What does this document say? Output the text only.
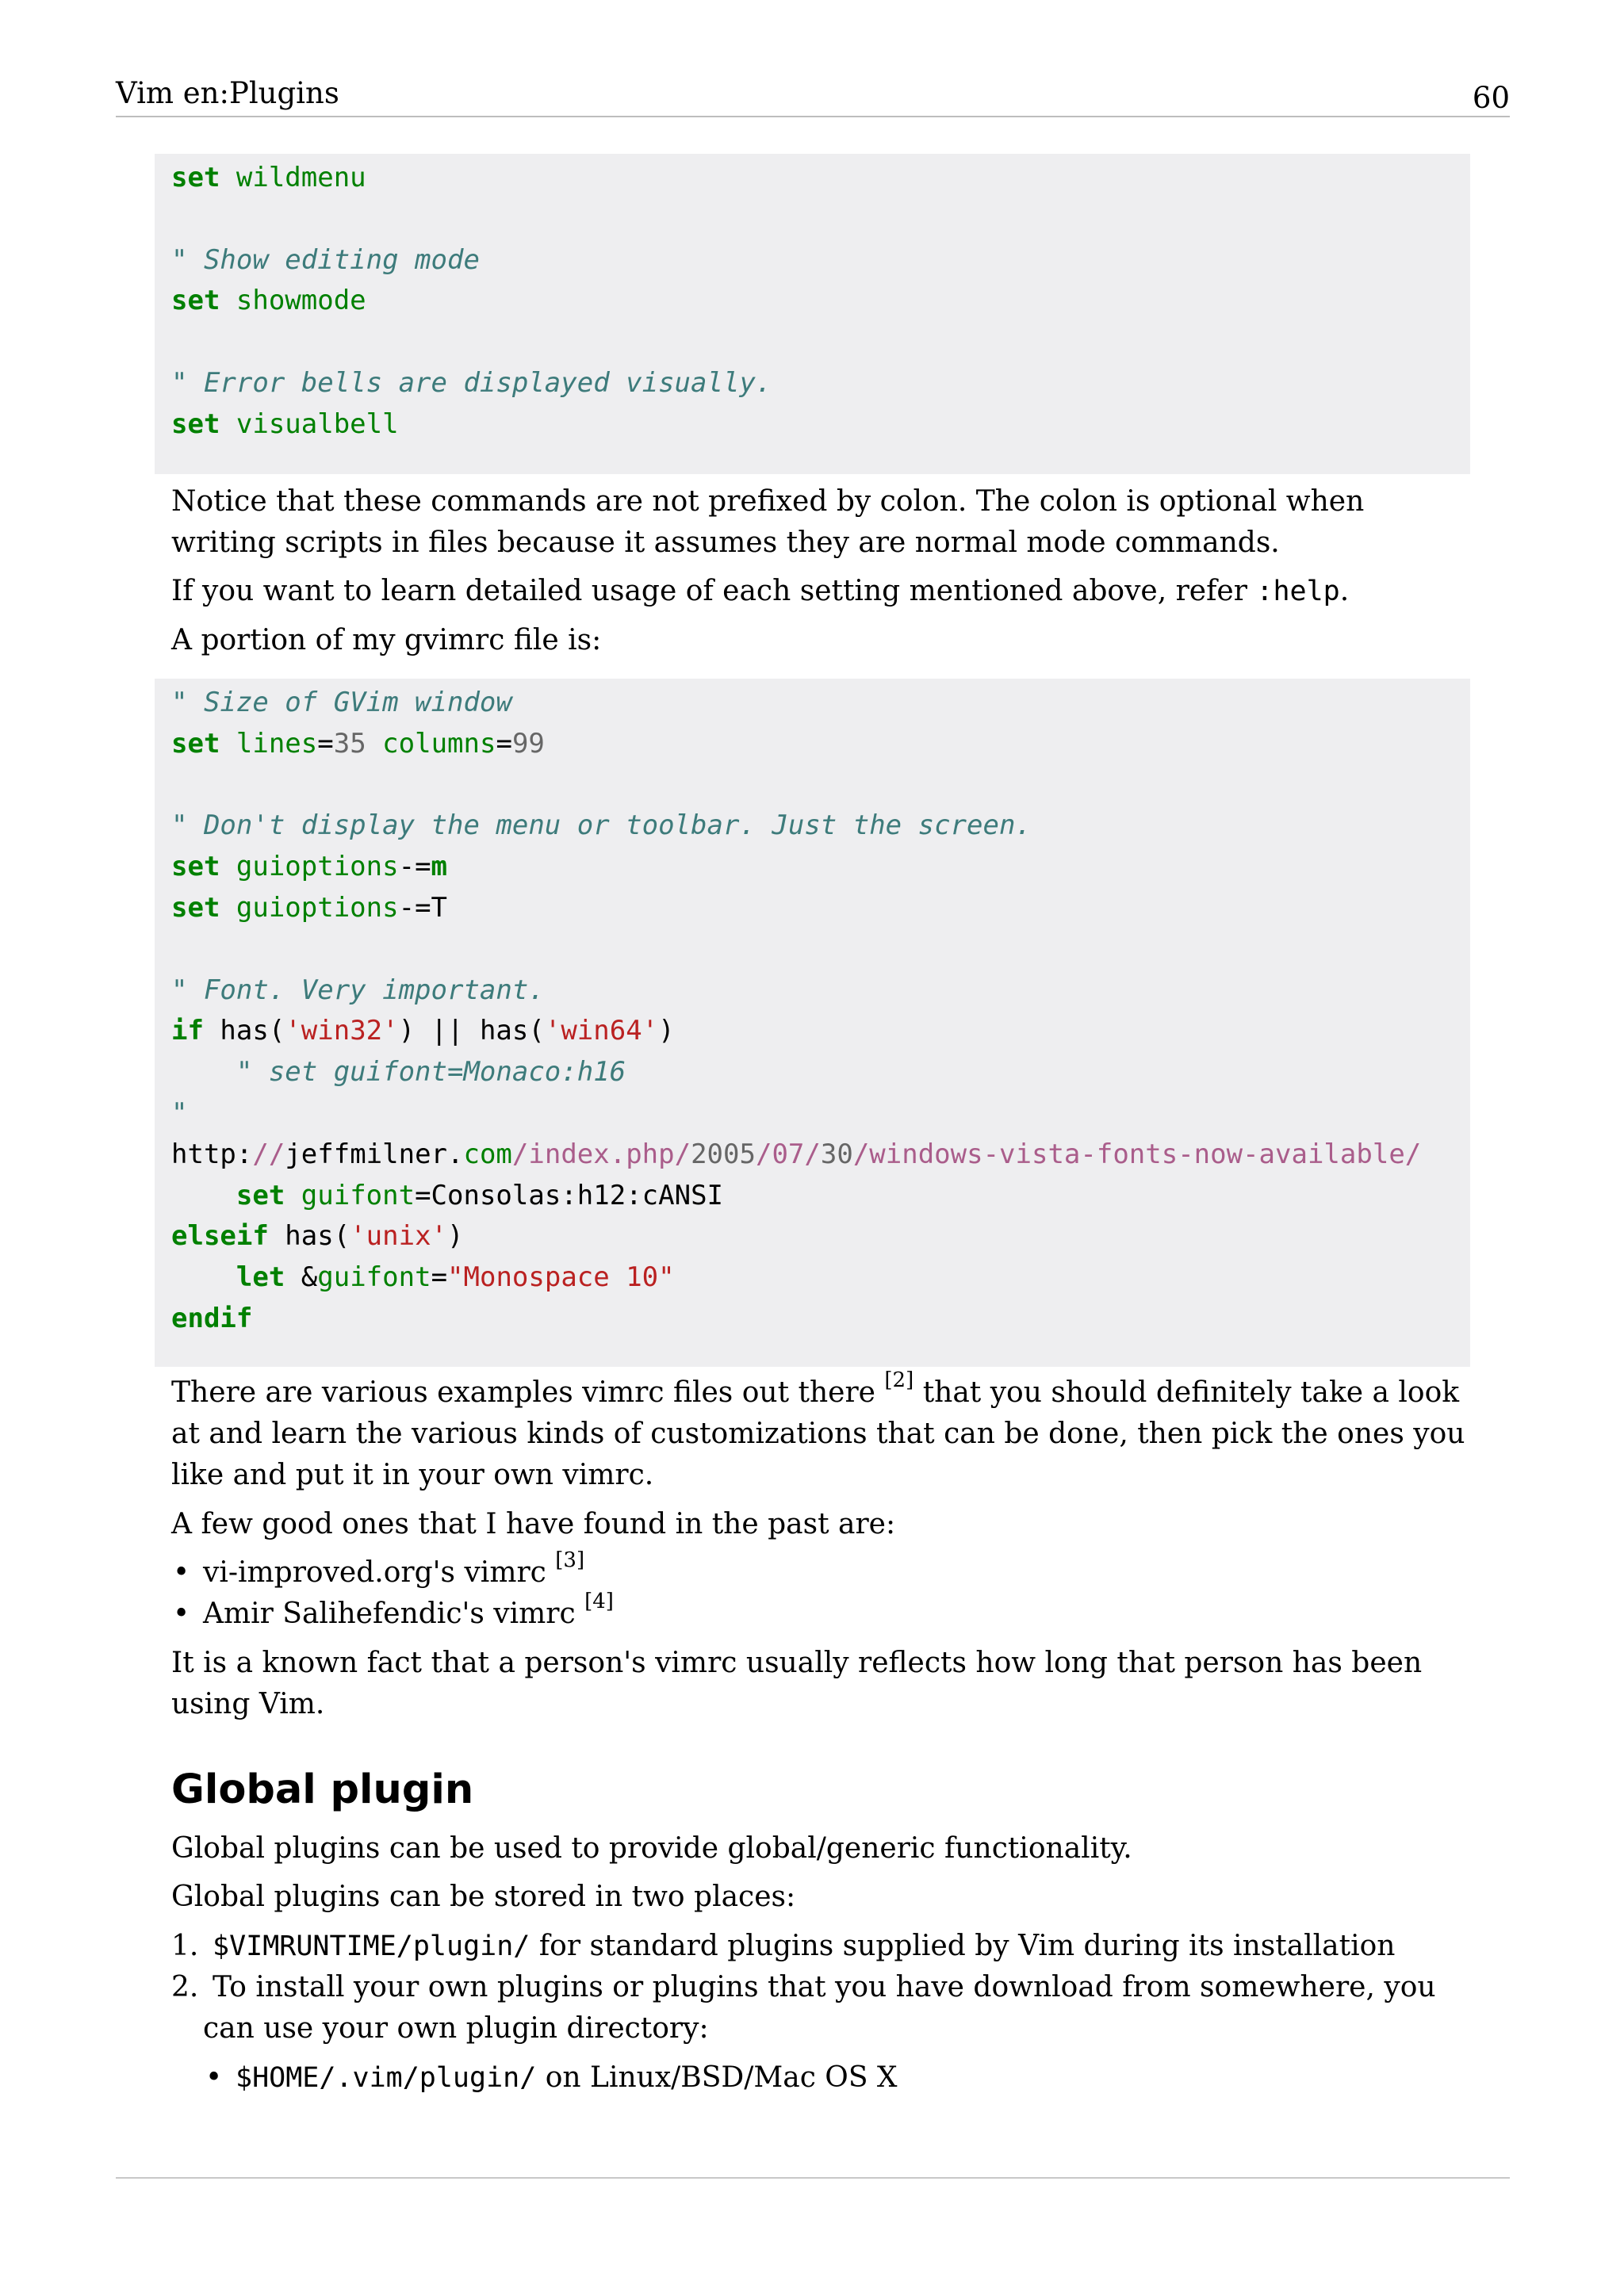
Vim en:Plugins	60
set wildmenu

" Show editing mode
set showmode

" Error bells are displayed visually.
set visualbell
Notice that these commands are not prefixed by colon. The colon is optional when writing scripts in files because it assumes they are normal mode commands.
If you want to learn detailed usage of each setting mentioned above, refer :help.
A portion of my gvimrc file is:
" Size of GVim window
set lines=35 columns=99

" Don't display the menu or toolbar. Just the screen.
set guioptions-=m
set guioptions-=T

" Font. Very important.
if has('win32') || has('win64')
" set guifont=Monaco:h16
"
http://jeffmilner.com/index.php/2005/07/30/windows-vista-fonts-now-available/
set guifont=Consolas:h12:cANSI
elseif has('unix')
let &guifont="Monospace 10"
endif
There are various examples vimrc files out there [2] that you should definitely take a look at and learn the various kinds of customizations that can be done, then pick the ones you like and put it in your own vimrc.
A few good ones that I have found in the past are:
• vi-improved.org's vimrc [3]
• Amir Salihefendic's vimrc [4]
It is a known fact that a person's vimrc usually reflects how long that person has been using Vim.
Global plugin
Global plugins can be used to provide global/generic functionality.
Global plugins can be stored in two places:
1. $VIMRUNTIME/plugin/ for standard plugins supplied by Vim during its installation
2. To install your own plugins or plugins that you have download from somewhere, you can use your own plugin directory:
• $HOME/.vim/plugin/ on Linux/BSD/Mac OS X
